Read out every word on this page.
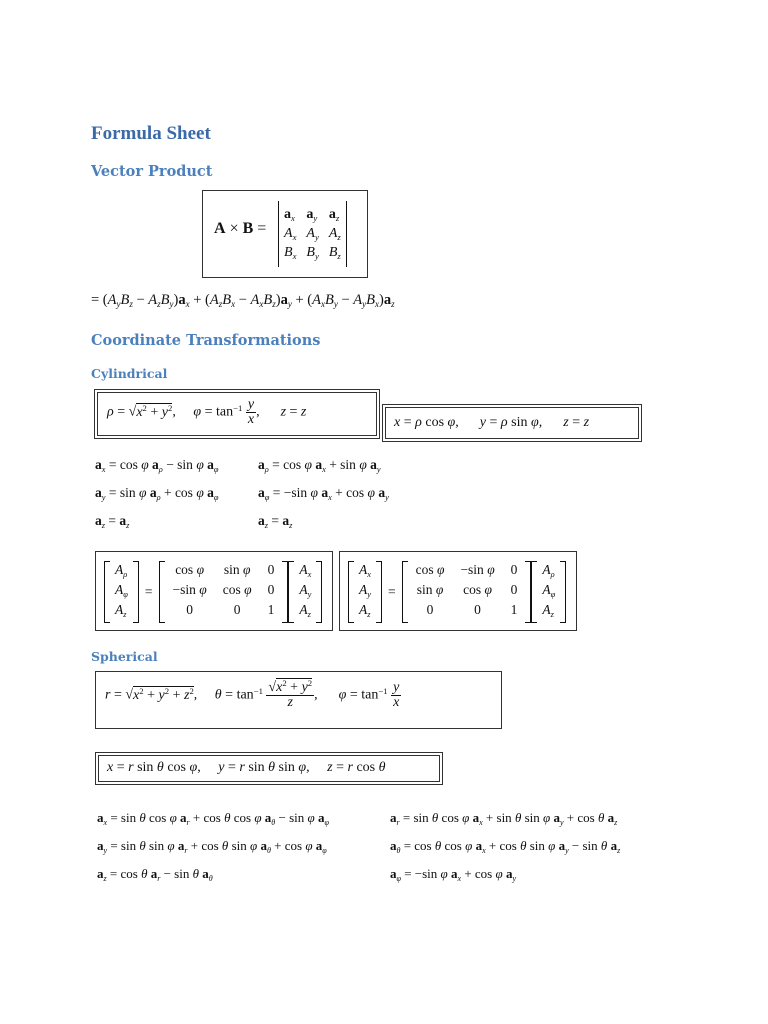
Formula Sheet
Vector Product
Coordinate Transformations
Cylindrical
Spherical
A × B =
$a_x$ $a_y$ $a_z$
$A_x$ $A_y$ $A_z$
$B_x$ $B_y$ $B_z$
= $(A_yB_z - A_zB_y)a_x + (A_zB_x - A_xB_z)a_y + (A_xB_y - A_yB_x)a_z$
$\rho = √x^2 + y^2$,     $\varphi = \tan^{-1} \frac{y}{x}$ ,      z = z
x = ρ cos φ,      y = ρ sin φ,      z = z
$a_x = \cos \varphi$ $a_\rho - \sin \varphi$ $a_\varphi$	$a_\rho = \cos \varphi$ $a_x + \sin \varphi$ $a_y$
$a_y = \sin \varphi$ $a_\rho + \cos \varphi$ $a_\varphi$	$a_\varphi = -\sin$ φ $a_x + \cos \varphi$ $a_y$
$a_z = a_z$	$a_z = a_z$
$A_\rho$
$A_\varphi$
$A_z$
=
cos φ	sin φ	0
−sin φ	cos φ	0
0	0	1
$A_x$
$A_y$
$A_z$
$A_x$
$A_y$
$A_z$
=
cos φ	−sin φ	0
sin φ	cos φ	0
0	0	1
$A_\rho$
$A_\varphi$
$A_z$
$r = √x^2 + y^2 + z^2$,     $\theta = \tan^{-1} \frac{√x^2 + y^2}{z}$ ,      $\varphi = \tan^{-1} \frac{y}{x}$
x = r sin θ cos φ,     y = r sin θ sin φ,     z = r cos θ
$a_x = \sin \theta$ cos φ $a_r + \cos \theta$ cos φ $a_\theta - \sin \varphi$ $a_\varphi$	$a_r = \sin \theta$ cos φ $a_x + \sin \theta$ sin φ $a_y + \cos \theta$ $a_z$
$a_y = \sin \theta$ sin φ $a_r + \cos \theta$ sin φ $a_\theta + \cos \varphi$ $a_\varphi$	$a_\theta = \cos \theta$ cos φ $a_x + \cos \theta$ sin φ $a_y - \sin \theta$ $a_z$
$a_z = \cos \theta$ $a_r - \sin \theta$ $a_\theta$	$a_\varphi = -\sin$ φ $a_x + \cos \varphi$ $a_y$
